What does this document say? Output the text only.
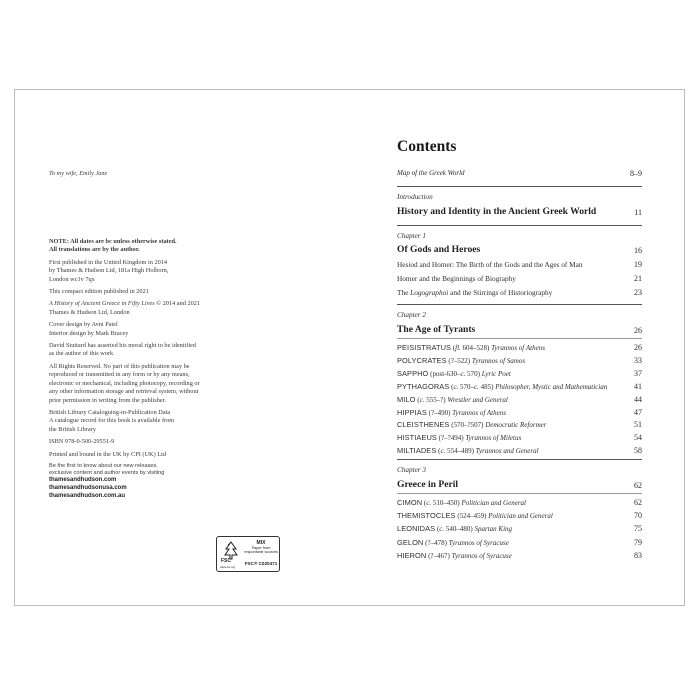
To my wife, Emily Jane

NOTE: All dates are bc unless otherwise stated.

All translations are by the author.

First published in the United Kingdom in 2014

by Thames & Hudson Ltd, 181a High Holborn,

London wc1v 7qx

This compact edition published in 2021

A History of Ancient Greece in Fifty Lives © 2014 and 2021

Thames & Hudson Ltd, London

Cover design by Avni Patel

Interior design by Mark Bracey

David Stuttard has asserted his moral right to be identified

as the author of this work

All Rights Reserved. No part of this publication may be

reproduced or transmitted in any form or by any means,

electronic or mechanical, including photocopy, recording or

any other information storage and retrieval system, without

prior permission in writing from the publisher.

British Library Cataloguing-in-Publication Data

A catalogue record for this book is available from

the British Library

ISBN 978-0-500-29551-9

Printed and bound in the UK by CPI (UK) Ltd

Be the first to know about our new releases,

exclusive content and author events by visiting

thamesandhudson.com

thamesandhudsonusa.com

thamesandhudson.com.au

FSC
www.fsc.org
MIX
Paper from
responsible sources
FSC® C020471
Contents
Map of the Greek World	8–9
Introduction
History and Identity in the Ancient Greek World	11
Chapter 1
Of Gods and Heroes	16
Hesiod and Homer: The Birth of the Gods and the Ages of Man	19
Homer and the Beginnings of Biography	21
The Logographoi and the Stirrings of Historiography	23
Chapter 2
The Age of Tyrants	26
PEISISTRATUS (fl. 604–528) Tyrannos of Athens	26
POLYCRATES (?–522) Tyrannos of Samos	33
SAPPHO (post-630–c. 570) Lyric Poet	37
PYTHAGORAS (c. 570–c. 485) Philosopher, Mystic and Mathematician	41
MILO (c. 555–?) Wrestler and General	44
HIPPIAS (?–490) Tyrannos of Athens	47
CLEISTHENES (570–?507) Democratic Reformer	51
HISTIAEUS (?–?494) Tyrannos of Miletus	54
MILTIADES (c. 554–489) Tyrannos and General	58
Chapter 3
Greece in Peril	62
CIMON (c. 510–450) Politician and General	62
THEMISTOCLES (524–459) Politician and General	70
LEONIDAS (c. 540–480) Spartan King	75
GELON (?–478) Tyrannos of Syracuse	79
HIERON (?–467) Tyrannos of Syracuse	83
